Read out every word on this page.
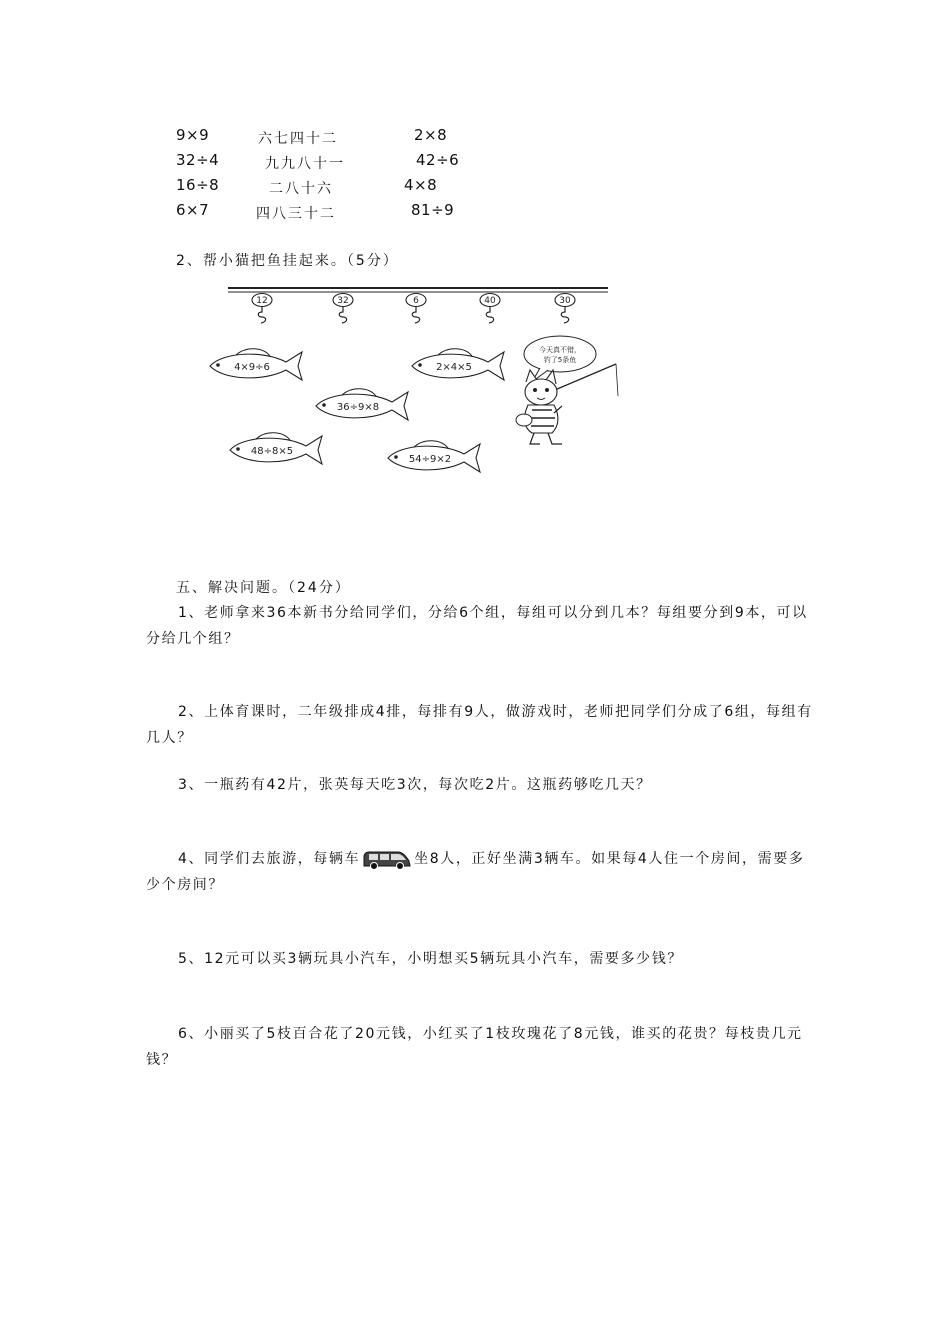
9×9	六七四十二	2×8
32÷4	九九八十一	42÷6
16÷8	二八十六	4×8
6×7	四八三十二	81÷9
2、帮小猫把鱼挂起来。（5分）
12	32	6	40	30
4×9÷6	2×4×5
36÷9×8
48÷8×5
54÷9×2
今天真不错，
钓了5条鱼
五、解决问题。（24分）
1、老师拿来36本新书分给同学们，分给6个组，每组可以分到几本？每组要分到9本，可以分给几个组？
2、上体育课时，二年级排成4排，每排有9人，做游戏时，老师把同学们分成了6组，每组有几人？
3、一瓶药有42片，张英每天吃3次，每次吃2片。这瓶药够吃几天？
4、同学们去旅游，每辆车	坐8人，正好坐满3辆车。如果每4人住一个房间，需要多少个房间？
5、12元可以买3辆玩具小汽车，小明想买5辆玩具小汽车，需要多少钱？
6、小丽买了5枝百合花了20元钱，小红买了1枝玫瑰花了8元钱，谁买的花贵？每枝贵几元钱？
